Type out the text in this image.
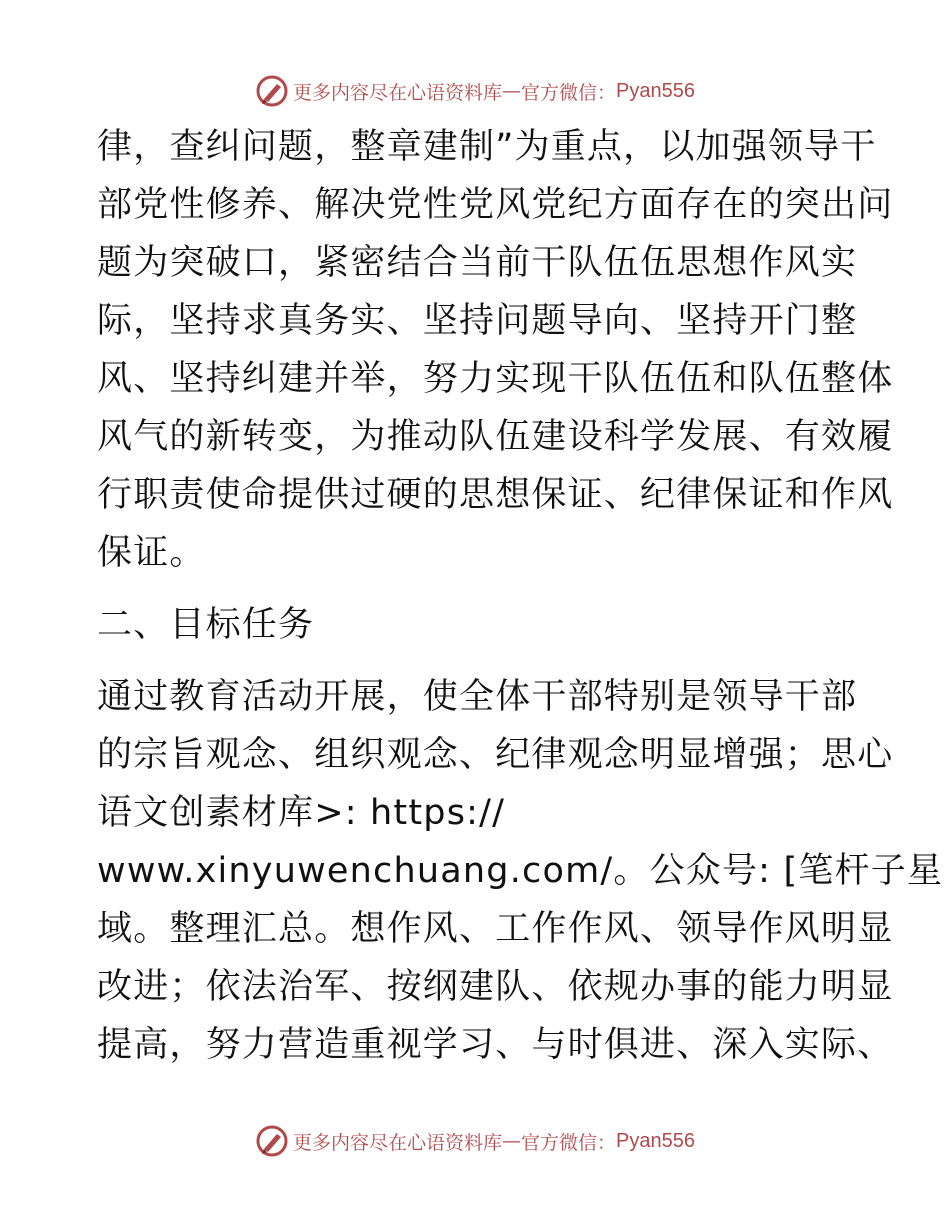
更多内容尽在心语资料库 — 官方微信： Pyan556
律，查纠问题，整章建制”为重点，以加强领导干
部党性修养、解决党性党风党纪方面存在的突出问
题为突破口，紧密结合当前干队伍伍思想作风实
际，坚持求真务实、坚持问题导向、坚持开门整
风、坚持纠建并举，努力实现干队伍伍和队伍整体
风气的新转变，为推动队伍建设科学发展、有效履
行职责使命提供过硬的思想保证、纪律保证和作风
保证。
二、目标任务
通过教育活动开展，使全体干部特别是领导干部
的宗旨观念、组织观念、纪律观念明显增强；思心
语文创素材库>: https://
www.xinyuwenchuang.com/。公众号: [笔杆子星
域。整理汇总。想作风、工作作风、领导作风明显
改进；依法治军、按纲建队、依规办事的能力明显
提高，努力营造重视学习、与时俱进、深入实际、
更多内容尽在心语资料库 — 官方微信： Pyan556
